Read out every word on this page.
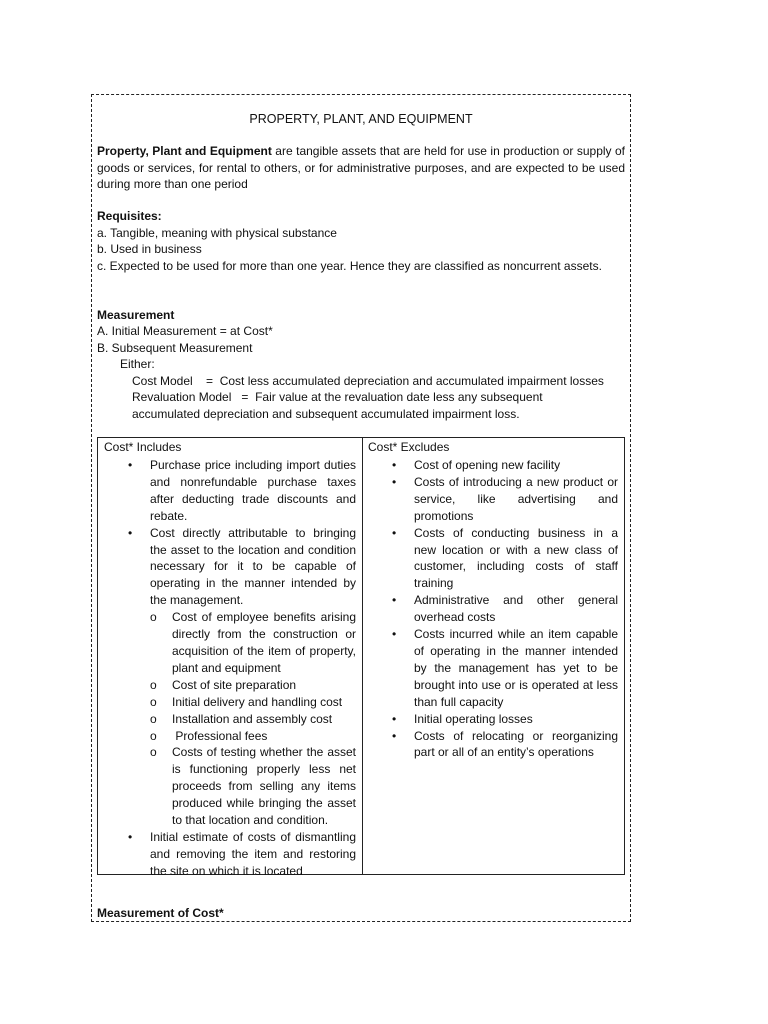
PROPERTY, PLANT, AND EQUIPMENT
Property, Plant and Equipment are tangible assets that are held for use in production or supply of goods or services, for rental to others, or for administrative purposes, and are expected to be used during more than one period
Requisites:
a. Tangible, meaning with physical substance
b. Used in business
c. Expected to be used for more than one year. Hence they are classified as noncurrent assets.
Measurement
A. Initial Measurement = at Cost*
B. Subsequent Measurement
Either:
Cost Model    =  Cost less accumulated depreciation and accumulated impairment losses
Revaluation Model   =  Fair value at the revaluation date less any subsequent
accumulated depreciation and subsequent accumulated impairment loss.
Cost* Includes
• Purchase price including import duties and nonrefundable purchase taxes after deducting trade discounts and rebate.
• Cost directly attributable to bringing the asset to the location and condition necessary for it to be capable of operating in the manner intended by the management.
o Cost of employee benefits arising directly from the construction or acquisition of the item of property, plant and equipment
o Cost of site preparation
o Initial delivery and handling cost
o Installation and assembly cost
o Professional fees
o Costs of testing whether the asset is functioning properly less net proceeds from selling any items produced while bringing the asset to that location and condition.
• Initial estimate of costs of dismantling and removing the item and restoring the site on which it is located
Cost* Excludes
• Cost of opening new facility
• Costs of introducing a new product or service, like advertising and promotions
• Costs of conducting business in a new location or with a new class of customer, including costs of staff training
• Administrative and other general overhead costs
• Costs incurred while an item capable of operating in the manner intended by the management has yet to be brought into use or is operated at less than full capacity
• Initial operating losses
• Costs of relocating or reorganizing part or all of an entity’s operations
Measurement of Cost*
